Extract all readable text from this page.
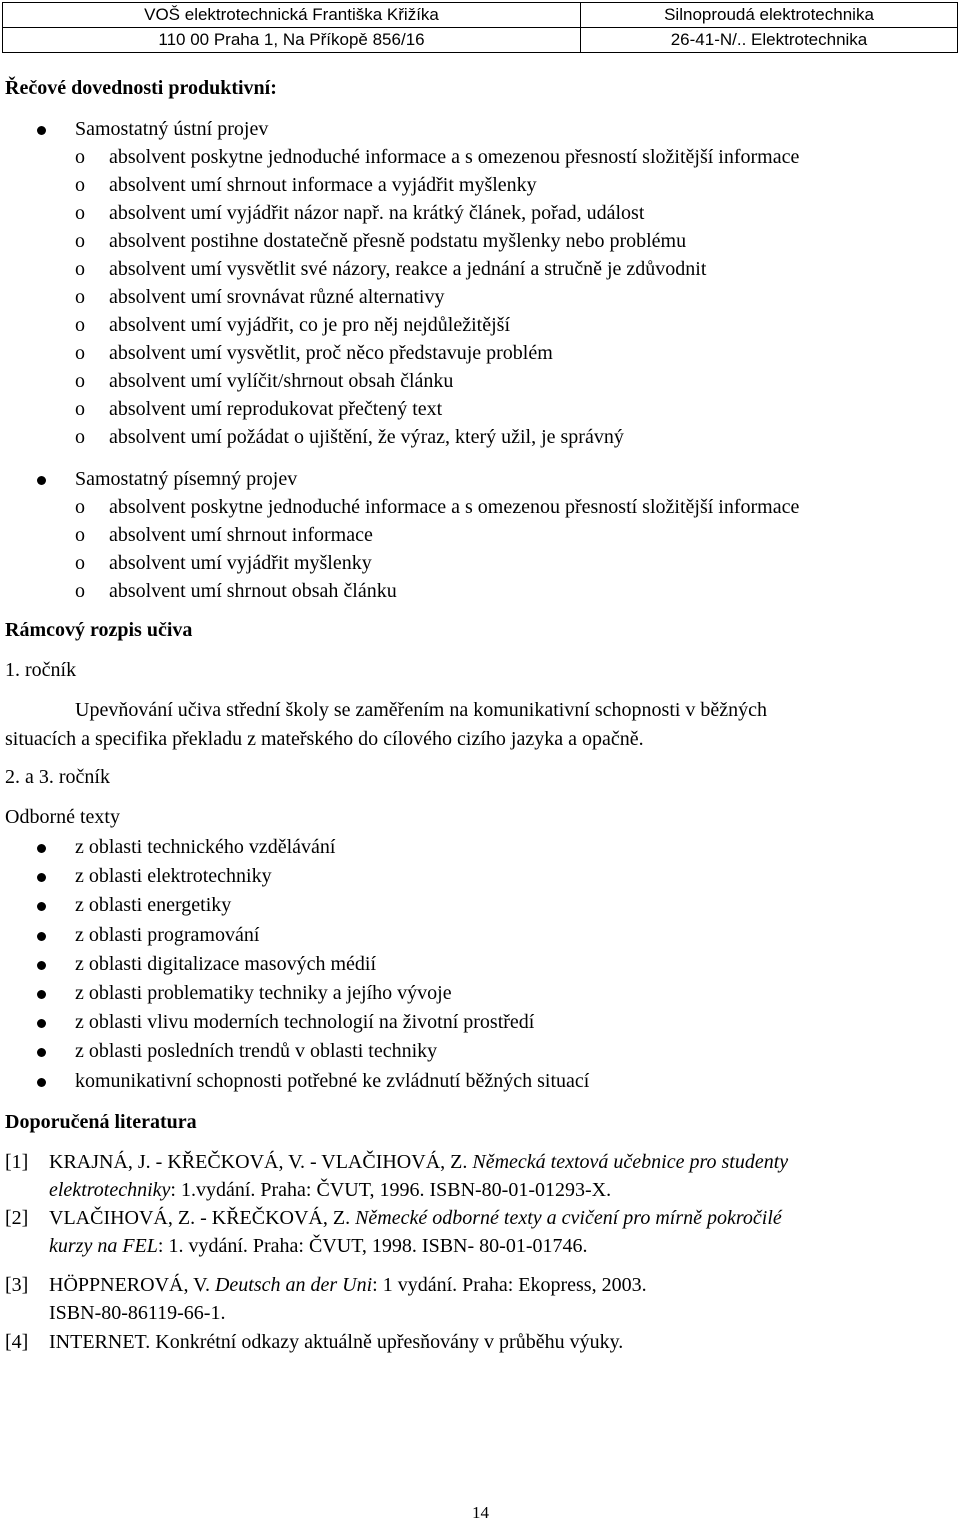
VOŠ elektrotechnická Františka Křižíka	Silnoproudá elektrotechnika
110 00 Praha 1, Na Příkopě 856/16	26-41-N/.. Elektrotechnika
Řečové dovednosti produktivní:
Samostatný ústní projev
o absolvent poskytne jednoduché informace a s omezenou přesností složitější informace
o absolvent umí shrnout informace a vyjádřit myšlenky
o absolvent umí vyjádřit názor např. na krátký článek, pořad, událost
o absolvent postihne dostatečně přesně podstatu myšlenky nebo problému
o absolvent umí vysvětlit své názory, reakce a jednání a stručně je zdůvodnit
o absolvent umí srovnávat různé alternativy
o absolvent umí vyjádřit, co je pro něj nejdůležitější
o absolvent umí vysvětlit, proč něco představuje problém
o absolvent umí vylíčit/shrnout obsah článku
o absolvent umí reprodukovat přečtený text
o absolvent umí požádat o ujištění, že výraz, který užil, je správný
Samostatný písemný projev
o absolvent poskytne jednoduché informace a s omezenou přesností složitější informace
o absolvent umí shrnout informace
o absolvent umí vyjádřit myšlenky
o absolvent umí shrnout obsah článku
Rámcový rozpis učiva
1. ročník
Upevňování učiva střední školy se zaměřením na komunikativní schopnosti v běžných
situacích a specifika překladu z mateřského do cílového cizího jazyka a opačně.
2. a 3. ročník
Odborné texty
z oblasti technického vzdělávání
z oblasti elektrotechniky
z oblasti energetiky
z oblasti programování
z oblasti digitalizace masových médií
z oblasti problematiky techniky a jejího vývoje
z oblasti vlivu moderních technologií na životní prostředí
z oblasti posledních trendů v oblasti techniky
komunikativní schopnosti potřebné ke zvládnutí běžných situací
Doporučená literatura
[1] KRAJNÁ, J. - KŘEČKOVÁ, V. - VLAČIHOVÁ, Z. Německá textová učebnice pro studenty
elektrotechniky: 1.vydání. Praha: ČVUT, 1996. ISBN-80-01-01293-X.
[2] VLAČIHOVÁ, Z. - KŘEČKOVÁ, Z. Německé odborné texty a cvičení pro mírně pokročilé
kurzy na FEL: 1. vydání. Praha: ČVUT, 1998. ISBN- 80-01-01746.
[3] HÖPPNEROVÁ, V. Deutsch an der Uni: 1 vydání. Praha: Ekopress, 2003.
ISBN-80-86119-66-1.
[4] INTERNET. Konkrétní odkazy aktuálně upřesňovány v průběhu výuky.
14
